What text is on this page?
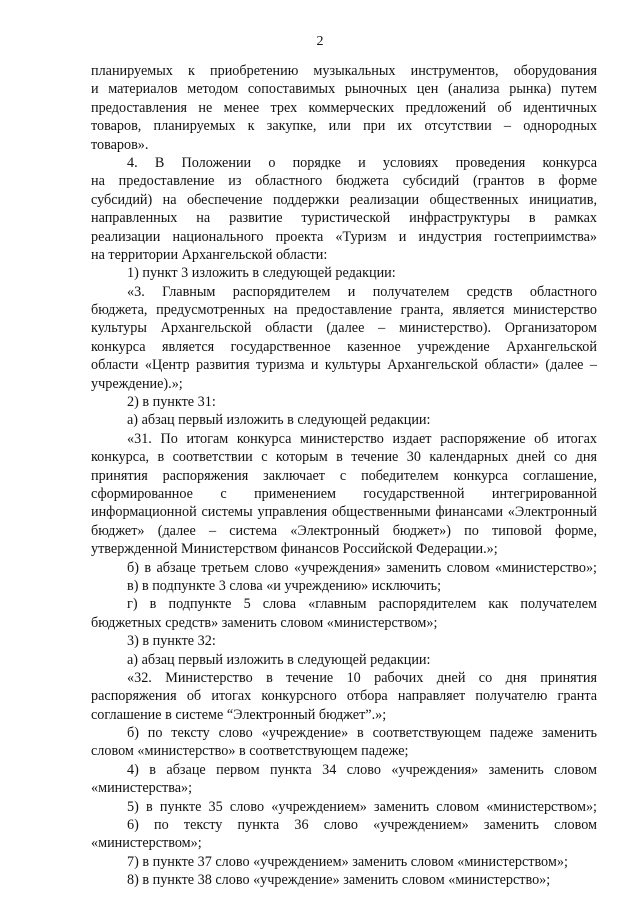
2
планируемых к приобретению музыкальных инструментов, оборудования
и материалов методом сопоставимых рыночных цен (анализа рынка) путем
предоставления не менее трех коммерческих предложений об идентичных
товаров, планируемых к закупке, или при их отсутствии – однородных
товаров».
4. В Положении о порядке и условиях проведения конкурса
на предоставление из областного бюджета субсидий (грантов в форме
субсидий) на обеспечение поддержки реализации общественных инициатив,
направленных на развитие туристической инфраструктуры в рамках
реализации национального проекта «Туризм и индустрия гостеприимства»
на территории Архангельской области:
1) пункт 3 изложить в следующей редакции:
«3. Главным распорядителем и получателем средств областного
бюджета, предусмотренных на предоставление гранта, является министерство
культуры Архангельской области (далее – министерство). Организатором
конкурса является государственное казенное учреждение Архангельской
области «Центр развития туризма и культуры Архангельской области» (далее –
учреждение).»;
2) в пункте 31:
а) абзац первый изложить в следующей редакции:
«31. По итогам конкурса министерство издает распоряжение об итогах
конкурса, в соответствии с которым в течение 30 календарных дней со дня
принятия распоряжения заключает с победителем конкурса соглашение,
сформированное с применением государственной интегрированной
информационной системы управления общественными финансами «Электронный
бюджет» (далее – система «Электронный бюджет») по типовой форме,
утвержденной Министерством финансов Российской Федерации.»;
б) в абзаце третьем слово «учреждения» заменить словом «министерство»;
в) в подпункте 3 слова «и учреждению» исключить;
г) в подпункте 5 слова «главным распорядителем как получателем
бюджетных средств» заменить словом «министерством»;
3) в пункте 32:
а) абзац первый изложить в следующей редакции:
«32. Министерство в течение 10 рабочих дней со дня принятия
распоряжения об итогах конкурсного отбора направляет получателю гранта
соглашение в системе “Электронный бюджет”.»;
б) по тексту слово «учреждение» в соответствующем падеже заменить
словом «министерство» в соответствующем падеже;
4) в абзаце первом пункта 34 слово «учреждения» заменить словом
«министерства»;
5) в пункте 35 слово «учреждением» заменить словом «министерством»;
6) по тексту пункта 36 слово «учреждением» заменить словом
«министерством»;
7) в пункте 37 слово «учреждением» заменить словом «министерством»;
8) в пункте 38 слово «учреждение» заменить словом «министерство»;
